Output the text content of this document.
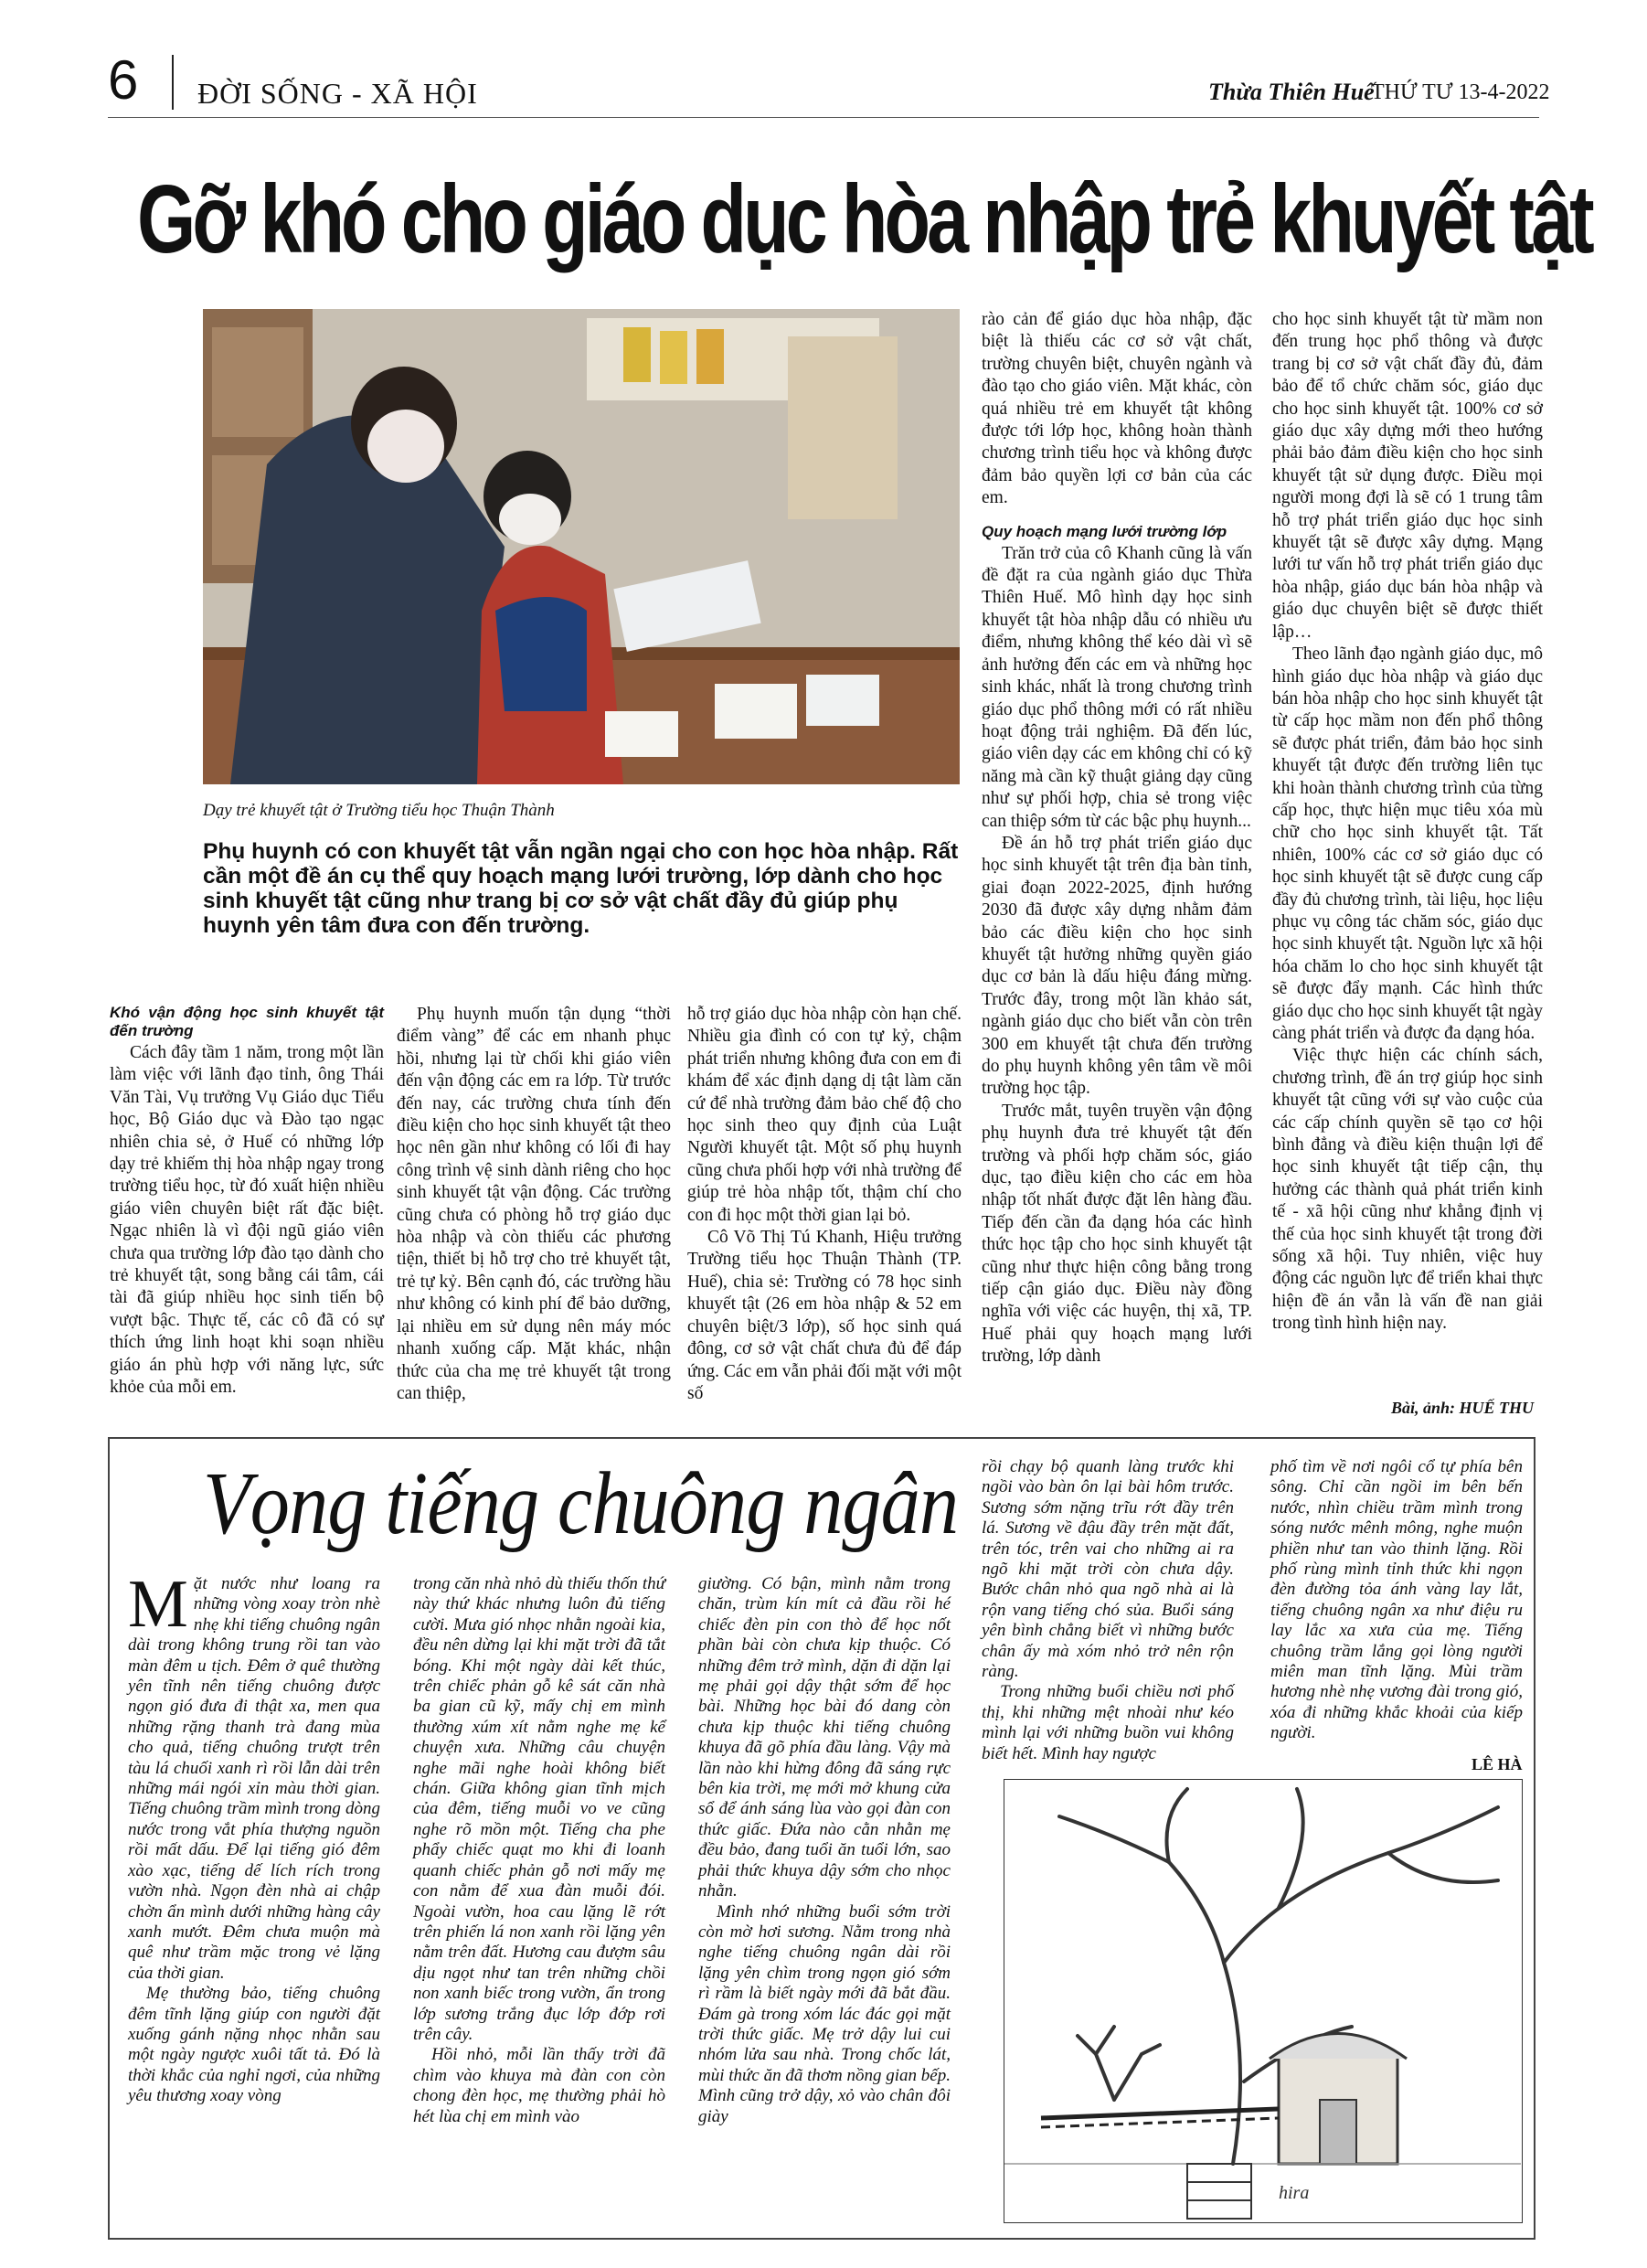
6 ĐỜI SỐNG - XÃ HỘI	Thừa Thiên Huế
THỨ TƯ 13-4-2022
Gỡ khó cho giáo dục hòa nhập trẻ khuyết tật
Dạy trẻ khuyết tật ở Trường tiểu học Thuận Thành
Phụ huynh có con khuyết tật vẫn ngần ngại cho con học hòa nhập. Rất cần một đề án cụ thể quy hoạch mạng lưới trường, lớp dành cho học sinh khuyết tật cũng như trang bị cơ sở vật chất đầy đủ giúp phụ huynh yên tâm đưa con đến trường.
Khó vận động học sinh khuyết tật đến trường

Cách đây tầm 1 năm, trong một lần làm việc với lãnh đạo tỉnh, ông Thái Văn Tài, Vụ trưởng Vụ Giáo dục Tiểu học, Bộ Giáo dục và Đào tạo ngạc nhiên chia sẻ, ở Huế có những lớp dạy trẻ khiếm thị hòa nhập ngay trong trường tiểu học, từ đó xuất hiện nhiều giáo viên chuyên biệt rất đặc biệt. Ngạc nhiên là vì đội ngũ giáo viên chưa qua trường lớp đào tạo dành cho trẻ khuyết tật, song bằng cái tâm, cái tài đã giúp nhiều học sinh tiến bộ vượt bậc. Thực tế, các cô đã có sự thích ứng linh hoạt khi soạn nhiều giáo án phù hợp với năng lực, sức khỏe của mỗi em.

Phụ huynh muốn tận dụng “thời điểm vàng” để các em nhanh phục hồi, nhưng lại từ chối khi giáo viên đến vận động các em ra lớp. Từ trước đến nay, các trường chưa tính đến điều kiện cho học sinh khuyết tật theo học nên gần như không có lối đi hay công trình vệ sinh dành riêng cho học sinh khuyết tật vận động. Các trường cũng chưa có phòng hỗ trợ giáo dục hòa nhập và còn thiếu các phương tiện, thiết bị hỗ trợ cho trẻ khuyết tật, trẻ tự kỷ. Bên cạnh đó, các trường hầu như không có kinh phí để bảo dưỡng, lại nhiều em sử dụng nên máy móc nhanh xuống cấp. Mặt khác, nhận thức của cha mẹ trẻ khuyết tật trong can thiệp,

hỗ trợ giáo dục hòa nhập còn hạn chế. Nhiều gia đình có con tự kỷ, chậm phát triển nhưng không đưa con em đi khám để xác định dạng dị tật làm căn cứ để nhà trường đảm bảo chế độ cho học sinh theo quy định của Luật Người khuyết tật. Một số phụ huynh cũng chưa phối hợp với nhà trường để giúp trẻ hòa nhập tốt, thậm chí cho con đi học một thời gian lại bỏ.

Cô Võ Thị Tú Khanh, Hiệu trưởng Trường tiểu học Thuận Thành (TP. Huế), chia sẻ: Trường có 78 học sinh khuyết tật (26 em hòa nhập & 52 em chuyên biệt/3 lớp), số học sinh quá đông, cơ sở vật chất chưa đủ để đáp ứng. Các em vẫn phải đối mặt với một số

rào cản để giáo dục hòa nhập, đặc biệt là thiếu các cơ sở vật chất, trường chuyên biệt, chuyên ngành và đào tạo cho giáo viên. Mặt khác, còn quá nhiều trẻ em khuyết tật không được tới lớp học, không hoàn thành chương trình tiểu học và không được đảm bảo quyền lợi cơ bản của các em.

Quy hoạch mạng lưới trường lớp

Trăn trở của cô Khanh cũng là vấn đề đặt ra của ngành giáo dục Thừa Thiên Huế. Mô hình dạy học sinh khuyết tật hòa nhập dẫu có nhiều ưu điểm, nhưng không thể kéo dài vì sẽ ảnh hưởng đến các em và những học sinh khác, nhất là trong chương trình giáo dục phổ thông mới có rất nhiều hoạt động trải nghiệm. Đã đến lúc, giáo viên dạy các em không chỉ có kỹ năng mà cần kỹ thuật giảng dạy cũng như sự phối hợp, chia sẻ trong việc can thiệp sớm từ các bậc phụ huynh...

Đề án hỗ trợ phát triển giáo dục học sinh khuyết tật trên địa bàn tỉnh, giai đoạn 2022-2025, định hướng 2030 đã được xây dựng nhằm đảm bảo các điều kiện cho học sinh khuyết tật hưởng những quyền giáo dục cơ bản là dấu hiệu đáng mừng. Trước đây, trong một lần khảo sát, ngành giáo dục cho biết vẫn còn trên 300 em khuyết tật chưa đến trường do phụ huynh không yên tâm về môi trường học tập.

Trước mắt, tuyên truyền vận động phụ huynh đưa trẻ khuyết tật đến trường và phối hợp chăm sóc, giáo dục, tạo điều kiện cho các em hòa nhập tốt nhất được đặt lên hàng đầu. Tiếp đến cần đa dạng hóa các hình thức học tập cho học sinh khuyết tật cũng như thực hiện công bằng trong tiếp cận giáo dục. Điều này đồng nghĩa với việc các huyện, thị xã, TP. Huế phải quy hoạch mạng lưới trường, lớp dành

cho học sinh khuyết tật từ mầm non đến trung học phổ thông và được trang bị cơ sở vật chất đầy đủ, đảm bảo để tổ chức chăm sóc, giáo dục cho học sinh khuyết tật. 100% cơ sở giáo dục xây dựng mới theo hướng phải bảo đảm điều kiện cho học sinh khuyết tật sử dụng được. Điều mọi người mong đợi là sẽ có 1 trung tâm hỗ trợ phát triển giáo dục học sinh khuyết tật sẽ được xây dựng. Mạng lưới tư vấn hỗ trợ phát triển giáo dục hòa nhập, giáo dục bán hòa nhập và giáo dục chuyên biệt sẽ được thiết lập…

Theo lãnh đạo ngành giáo dục, mô hình giáo dục hòa nhập và giáo dục bán hòa nhập cho học sinh khuyết tật từ cấp học mầm non đến phổ thông sẽ được phát triển, đảm bảo học sinh khuyết tật được đến trường liên tục khi hoàn thành chương trình của từng cấp học, thực hiện mục tiêu xóa mù chữ cho học sinh khuyết tật. Tất nhiên, 100% các cơ sở giáo dục có học sinh khuyết tật sẽ được cung cấp đầy đủ chương trình, tài liệu, học liệu phục vụ công tác chăm sóc, giáo dục học sinh khuyết tật. Nguồn lực xã hội hóa chăm lo cho học sinh khuyết tật sẽ được đẩy mạnh. Các hình thức giáo dục cho học sinh khuyết tật ngày càng phát triển và được đa dạng hóa.

Việc thực hiện các chính sách, chương trình, đề án trợ giúp học sinh khuyết tật cũng với sự vào cuộc của các cấp chính quyền sẽ tạo cơ hội bình đẳng và điều kiện thuận lợi để học sinh khuyết tật tiếp cận, thụ hưởng các thành quả phát triển kinh tế - xã hội cũng như khẳng định vị thế của học sinh khuyết tật trong đời sống xã hội. Tuy nhiên, việc huy động các nguồn lực để triển khai thực hiện đề án vẫn là vấn đề nan giải trong tình hình hiện nay.

Bài, ảnh: HUẾ THU
Vọng tiếng chuông ngân

Mặt nước như loang ra những vòng xoay tròn nhè nhẹ khi tiếng chuông ngân dài trong không trung rồi tan vào màn đêm u tịch. Đêm ở quê thường yên tĩnh nên tiếng chuông được ngọn gió đưa đi thật xa, men qua những rặng thanh trà đang mùa cho quả, tiếng chuông trượt trên tàu lá chuối xanh rì rồi lẫn dài trên những mái ngói xỉn màu thời gian. Tiếng chuông trầm mình trong dòng nước trong vắt phía thượng nguồn rồi mất dấu. Để lại tiếng gió đêm xào xạc, tiếng dế lích rích trong vườn nhà. Ngọn đèn nhà ai chập chờn ẩn mình dưới những hàng cây xanh mướt. Đêm chưa muộn mà quê như trầm mặc trong vẻ lặng của thời gian.

Mẹ thường bảo, tiếng chuông đêm tĩnh lặng giúp con người đặt xuống gánh nặng nhọc nhằn sau một ngày ngược xuôi tất tả. Đó là thời khắc của nghỉ ngơi, của những yêu thương xoay vòng

trong căn nhà nhỏ dù thiếu thốn thứ này thứ khác nhưng luôn đủ tiếng cười. Mưa gió nhọc nhằn ngoài kia, đều nên dừng lại khi mặt trời đã tắt bóng. Khi một ngày dài kết thúc, trên chiếc phản gỗ kê sát căn nhà ba gian cũ kỹ, mấy chị em mình thường xúm xít nằm nghe mẹ kể chuyện xưa. Những câu chuyện nghe mãi nghe hoài không biết chán. Giữa không gian tĩnh mịch của đêm, tiếng muỗi vo ve cũng nghe rõ mồn một. Tiếng cha phe phẩy chiếc quạt mo khi đi loanh quanh chiếc phản gỗ nơi mấy mẹ con nằm để xua đàn muỗi đói. Ngoài vườn, hoa cau lặng lẽ rớt trên phiến lá non xanh rồi lặng yên nằm trên đất. Hương cau đượm sâu dịu ngọt như tan trên những chồi non xanh biếc trong vườn, ẩn trong lớp sương trắng đục lớp đớp rơi trên cây.

Hồi nhỏ, mỗi lần thấy trời đã chìm vào khuya mà đàn con còn chong đèn học, mẹ thường phải hò hét lùa chị em mình vào

giường. Có bận, mình nằm trong chăn, trùm kín mít cả đầu rồi hé chiếc đèn pin con thò để học nốt phần bài còn chưa kịp thuộc. Có những đêm trở mình, dặn đi dặn lại mẹ phải gọi dậy thật sớm để học bài. Những học bài đó dang còn chưa kịp thuộc khi tiếng chuông khuya đã gõ phía đầu làng. Vậy mà lần nào khi hừng đông đã sáng rực bên kia trời, mẹ mới mở khung cửa sổ để ánh sáng lùa vào gọi đàn con thức giấc. Đứa nào cằn nhằn mẹ đều bảo, đang tuổi ăn tuổi lớn, sao phải thức khuya dậy sớm cho nhọc nhằn.

Mình nhớ những buổi sớm trời còn mờ hơi sương. Nằm trong nhà nghe tiếng chuông ngân dài rồi lặng yên chìm trong ngọn gió sớm rì rầm là biết ngày mới đã bắt đầu. Đám gà trong xóm lác đác gọi mặt trời thức giấc. Mẹ trở dậy lui cui nhóm lửa sau nhà. Trong chốc lát, mùi thức ăn đã thơm nồng gian bếp. Mình cũng trở dậy, xỏ vào chân đôi giày

rồi chạy bộ quanh làng trước khi ngồi vào bàn ôn lại bài hôm trước. Sương sớm nặng trĩu rớt đầy trên lá. Sương về đậu đầy trên mặt đất, trên tóc, trên vai cho những ai ra ngõ khi mặt trời còn chưa dậy. Bước chân nhỏ qua ngõ nhà ai là rộn vang tiếng chó sủa. Buổi sáng yên bình chẳng biết vì những bước chân ấy mà xóm nhỏ trở nên rộn ràng.

Trong những buổi chiều nơi phố thị, khi những mệt nhoài như kéo mình lại với những buồn vui không biết hết. Mình hay ngược

phố tìm về nơi ngôi cổ tự phía bên sông. Chỉ cần ngồi im bên bến nước, nhìn chiều trầm mình trong sóng nước mênh mông, nghe muộn phiền như tan vào thinh lặng. Rồi phố rùng mình tỉnh thức khi ngọn đèn đường tỏa ánh vàng lay lắt, tiếng chuông ngân xa như điệu ru lay lắc xa xưa của mẹ. Tiếng chuông trầm lắng gọi lòng người miên man tĩnh lặng. Mùi trầm hương nhè nhẹ vương đài trong gió, xóa đi những khắc khoải của kiếp người.

LÊ HÀ
hira
